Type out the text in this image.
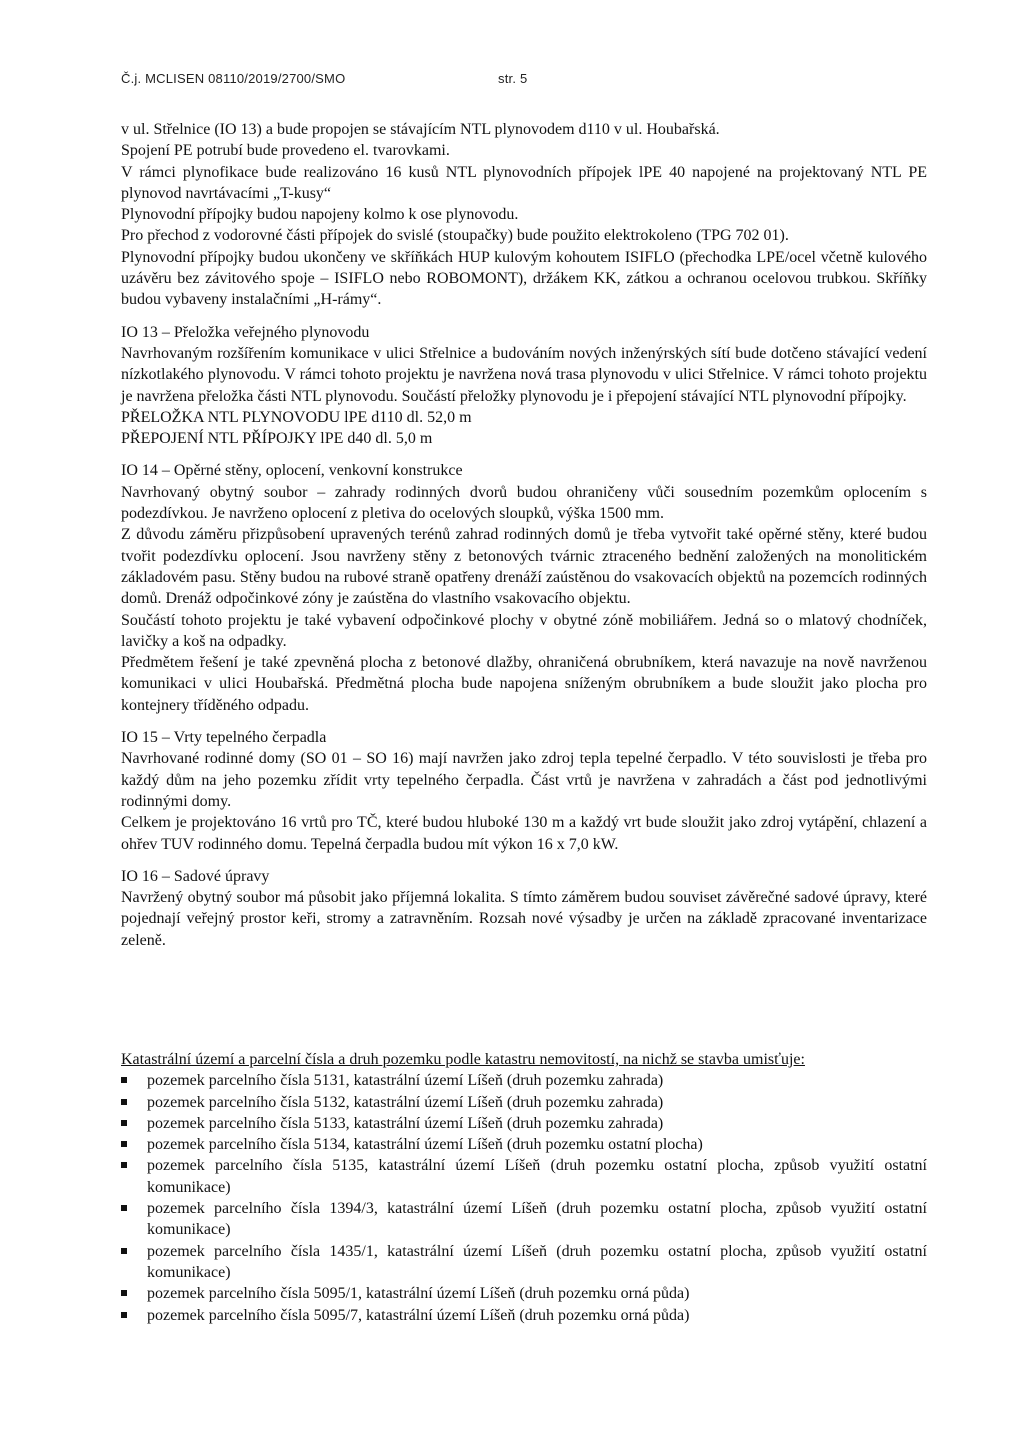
Č.j. MCLISEN 08110/2019/2700/SMO	str. 5

v ul. Střelnice (IO 13) a bude propojen se stávajícím NTL plynovodem d110 v ul. Houbařská.

Spojení PE potrubí bude provedeno el. tvarovkami.

V rámci plynofikace bude realizováno 16 kusů NTL plynovodních přípojek lPE 40 napojené na projektovaný NTL PE plynovod navrtávacími „T-kusy“

Plynovodní přípojky budou napojeny kolmo k ose plynovodu.

Pro přechod z vodorovné části přípojek do svislé (stoupačky) bude použito elektrokoleno (TPG 702 01).

Plynovodní přípojky budou ukončeny ve skříňkách HUP kulovým kohoutem ISIFLO (přechodka LPE/ocel včetně kulového uzávěru bez závitového spoje – ISIFLO nebo ROBOMONT), držákem KK, zátkou a ochranou ocelovou trubkou. Skříňky budou vybaveny instalačními „H-rámy“.

IO 13 – Přeložka veřejného plynovodu

Navrhovaným rozšířením komunikace v ulici Střelnice a budováním nových inženýrských sítí bude dotčeno stávající vedení nízkotlakého plynovodu. V rámci tohoto projektu je navržena nová trasa plynovodu v ulici Střelnice. V rámci tohoto projektu je navržena přeložka části NTL plynovodu. Součástí přeložky plynovodu je i přepojení stávající NTL plynovodní přípojky.

PŘELOŽKA NTL PLYNOVODU lPE d110 dl. 52,0 m

PŘEPOJENÍ NTL PŘÍPOJKY lPE d40 dl. 5,0 m

IO 14 – Opěrné stěny, oplocení, venkovní konstrukce

Navrhovaný obytný soubor – zahrady rodinných dvorů budou ohraničeny vůči sousedním pozemkům oplocením s podezdívkou. Je navrženo oplocení z pletiva do ocelových sloupků, výška 1500 mm.

Z důvodu záměru přizpůsobení upravených terénů zahrad rodinných domů je třeba vytvořit také opěrné stěny, které budou tvořit podezdívku oplocení. Jsou navrženy stěny z betonových tvárnic ztraceného bednění založených na monolitickém základovém pasu. Stěny budou na rubové straně opatřeny drenáží zaústěnou do vsakovacích objektů na pozemcích rodinných domů. Drenáž odpočinkové zóny je zaústěna do vlastního vsakovacího objektu.

Součástí tohoto projektu je také vybavení odpočinkové plochy v obytné zóně mobiliářem. Jedná so o mlatový chodníček, lavičky a koš na odpadky.

Předmětem řešení je také zpevněná plocha z betonové dlažby, ohraničená obrubníkem, která navazuje na nově navrženou komunikaci v ulici Houbařská. Předmětná plocha bude napojena sníženým obrubníkem a bude sloužit jako plocha pro kontejnery tříděného odpadu.

IO 15 – Vrty tepelného čerpadla

Navrhované rodinné domy (SO 01 – SO 16) mají navržen jako zdroj tepla tepelné čerpadlo. V této souvislosti je třeba pro každý dům na jeho pozemku zřídit vrty tepelného čerpadla. Část vrtů je navržena v zahradách a část pod jednotlivými rodinnými domy.

Celkem je projektováno 16 vrtů pro TČ, které budou hluboké 130 m a každý vrt bude sloužit jako zdroj vytápění, chlazení a ohřev TUV rodinného domu. Tepelná čerpadla budou mít výkon 16 x 7,0 kW.

IO 16 – Sadové úpravy

Navržený obytný soubor má působit jako příjemná lokalita. S tímto záměrem budou souviset závěrečné sadové úpravy, které pojednají veřejný prostor keři, stromy a zatravněním. Rozsah nové výsadby je určen na základě zpracované inventarizace zeleně.

Katastrální území a parcelní čísla a druh pozemku podle katastru nemovitostí, na nichž se stavba umisťuje:

pozemek parcelního čísla 5131, katastrální území Líšeň (druh pozemku zahrada)
pozemek parcelního čísla 5132, katastrální území Líšeň (druh pozemku zahrada)
pozemek parcelního čísla 5133, katastrální území Líšeň (druh pozemku zahrada)
pozemek parcelního čísla 5134, katastrální území Líšeň (druh pozemku ostatní plocha)
pozemek parcelního čísla 5135, katastrální území Líšeň (druh pozemku ostatní plocha, způsob využití ostatní komunikace)
pozemek parcelního čísla 1394/3, katastrální území Líšeň (druh pozemku ostatní plocha, způsob využití ostatní komunikace)
pozemek parcelního čísla 1435/1, katastrální území Líšeň (druh pozemku ostatní plocha, způsob využití ostatní komunikace)
pozemek parcelního čísla 5095/1, katastrální území Líšeň (druh pozemku orná půda)
pozemek parcelního čísla 5095/7, katastrální území Líšeň (druh pozemku orná půda)
